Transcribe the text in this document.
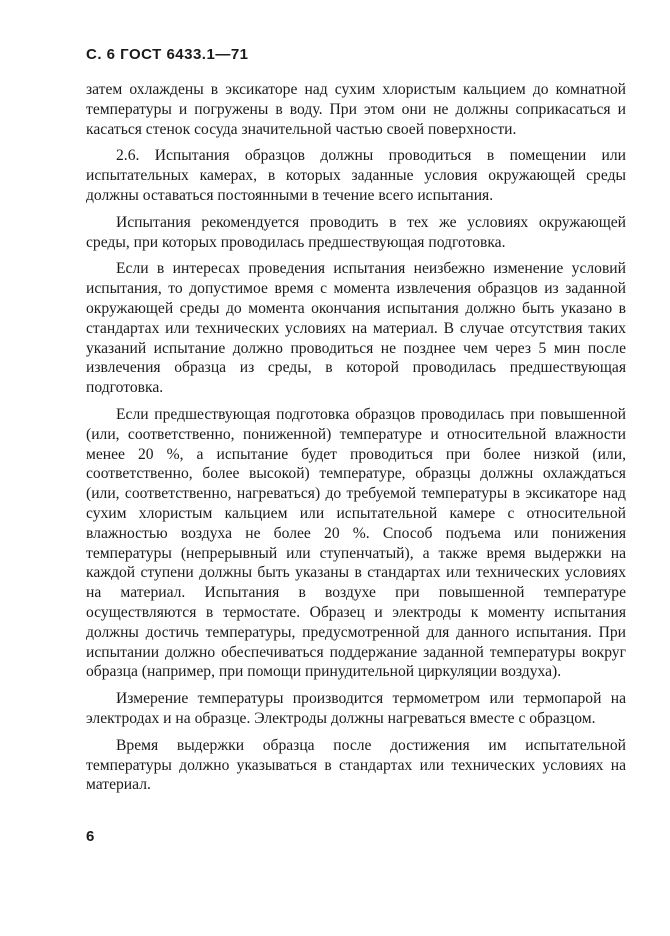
С. 6 ГОСТ 6433.1—71

затем охлаждены в эксикаторе над сухим хлористым кальцием до комнатной температуры и погружены в воду. При этом они не должны соприкасаться и касаться стенок сосуда значительной частью своей поверхности.

2.6. Испытания образцов должны проводиться в помещении или испытательных камерах, в которых заданные условия окружающей среды должны оставаться постоянными в течение всего испытания.

Испытания рекомендуется проводить в тех же условиях окружающей среды, при которых проводилась предшествующая подготовка.

Если в интересах проведения испытания неизбежно изменение условий испытания, то допустимое время с момента извлечения образцов из заданной окружающей среды до момента окончания испытания должно быть указано в стандартах или технических условиях на материал. В случае отсутствия таких указаний испытание должно проводиться не позднее чем через 5 мин после извлечения образца из среды, в которой проводилась предшествующая подготовка.

Если предшествующая подготовка образцов проводилась при повышенной (или, соответственно, пониженной) температуре и относительной влажности менее 20 %, а испытание будет проводиться при более низкой (или, соответственно, более высокой) температуре, образцы должны охлаждаться (или, соответственно, нагреваться) до требуемой температуры в эксикаторе над сухим хлористым кальцием или испытательной камере с относительной влажностью воздуха не более 20 %. Способ подъема или понижения температуры (непрерывный или ступенчатый), а также время выдержки на каждой ступени должны быть указаны в стандартах или технических условиях на материал. Испытания в воздухе при повышенной температуре осуществляются в термостате. Образец и электроды к моменту испытания должны достичь температуры, предусмотренной для данного испытания. При испытании должно обеспечиваться поддержание заданной температуры вокруг образца (например, при помощи принудительной циркуляции воздуха).

Измерение температуры производится термометром или термопарой на электродах и на образце. Электроды должны нагреваться вместе с образцом.

Время выдержки образца после достижения им испытательной температуры должно указываться в стандартах или технических условиях на материал.

6
